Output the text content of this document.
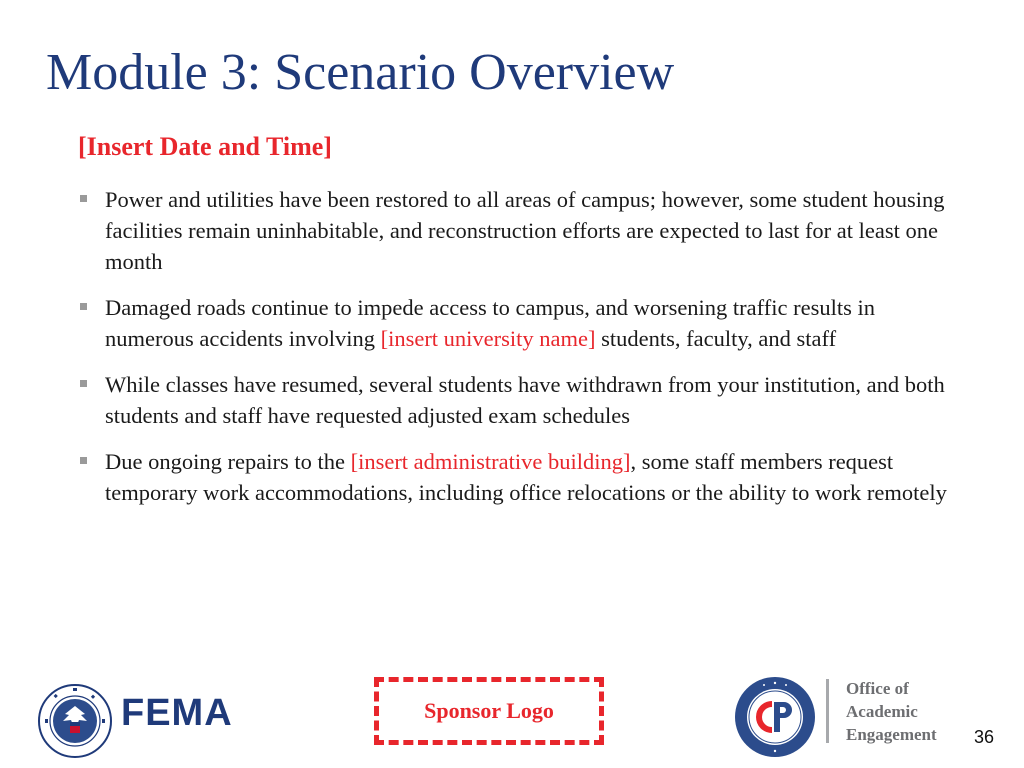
Module 3: Scenario Overview
[Insert Date and Time]
Power and utilities have been restored to all areas of campus; however, some student housing facilities remain uninhabitable, and reconstruction efforts are expected to last for at least one month
Damaged roads continue to impede access to campus, and worsening traffic results in numerous accidents involving [insert university name] students, faculty, and staff
While classes have resumed, several students have withdrawn from your institution, and both students and staff have requested adjusted exam schedules
Due ongoing repairs to the [insert administrative building], some staff members request temporary work accommodations, including office relocations or the ability to work remotely
FEMA	Sponsor Logo
Office of
Academic
Engagement 36
